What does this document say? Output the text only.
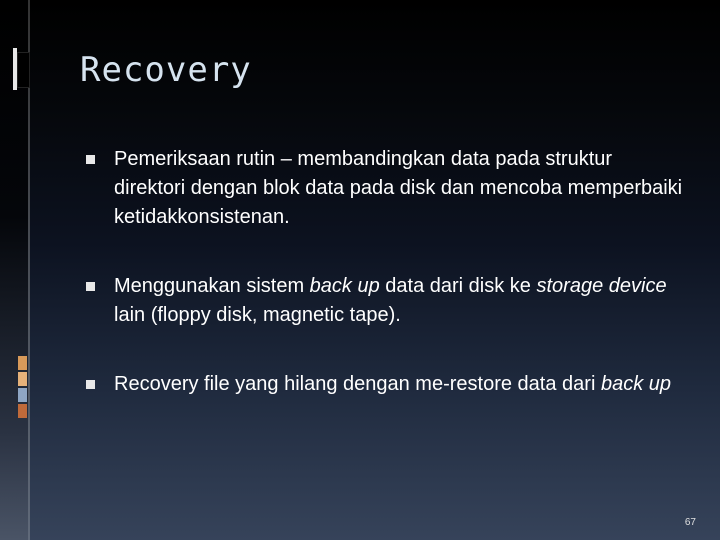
Recovery
Pemeriksaan rutin – membandingkan data pada struktur direktori dengan blok data pada disk dan mencoba memperbaiki ketidakkonsistenan.
Menggunakan sistem back up data dari disk ke storage device lain (floppy disk, magnetic tape).
Recovery file yang hilang dengan me-restore data dari back up
67
